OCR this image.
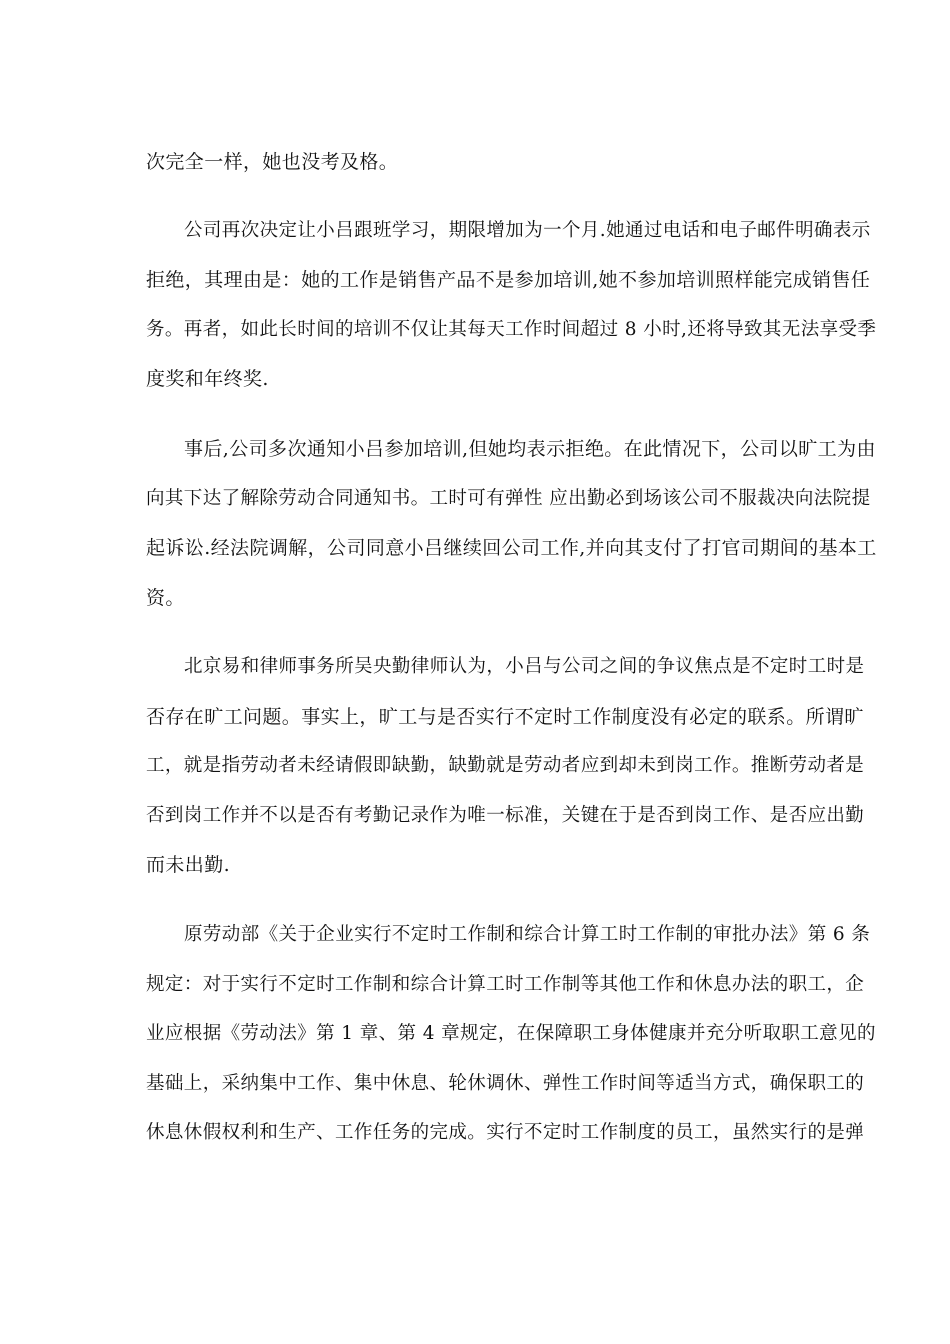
次完全一样，她也没考及格。
公司再次决定让小吕跟班学习，期限增加为一个月.她通过电话和电子邮件明确表示
拒绝，其理由是：她的工作是销售产品不是参加培训,她不参加培训照样能完成销售任
务。再者，如此长时间的培训不仅让其每天工作时间超过 8 小时,还将导致其无法享受季
度奖和年终奖.
事后,公司多次通知小吕参加培训,但她均表示拒绝。在此情况下，公司以旷工为由
向其下达了解除劳动合同通知书。工时可有弹性 应出勤必到场该公司不服裁决向法院提
起诉讼.经法院调解，公司同意小吕继续回公司工作,并向其支付了打官司期间的基本工
资。
北京易和律师事务所吴央勤律师认为，小吕与公司之间的争议焦点是不定时工时是
否存在旷工问题。事实上，旷工与是否实行不定时工作制度没有必定的联系。所谓旷
工，就是指劳动者未经请假即缺勤，缺勤就是劳动者应到却未到岗工作。推断劳动者是
否到岗工作并不以是否有考勤记录作为唯一标准，关键在于是否到岗工作、是否应出勤
而未出勤.
原劳动部《关于企业实行不定时工作制和综合计算工时工作制的审批办法》第 6 条
规定：对于实行不定时工作制和综合计算工时工作制等其他工作和休息办法的职工，企
业应根据《劳动法》第 1 章、第 4 章规定，在保障职工身体健康并充分听取职工意见的
基础上，采纳集中工作、集中休息、轮休调休、弹性工作时间等适当方式，确保职工的
休息休假权利和生产、工作任务的完成。实行不定时工作制度的员工，虽然实行的是弹
